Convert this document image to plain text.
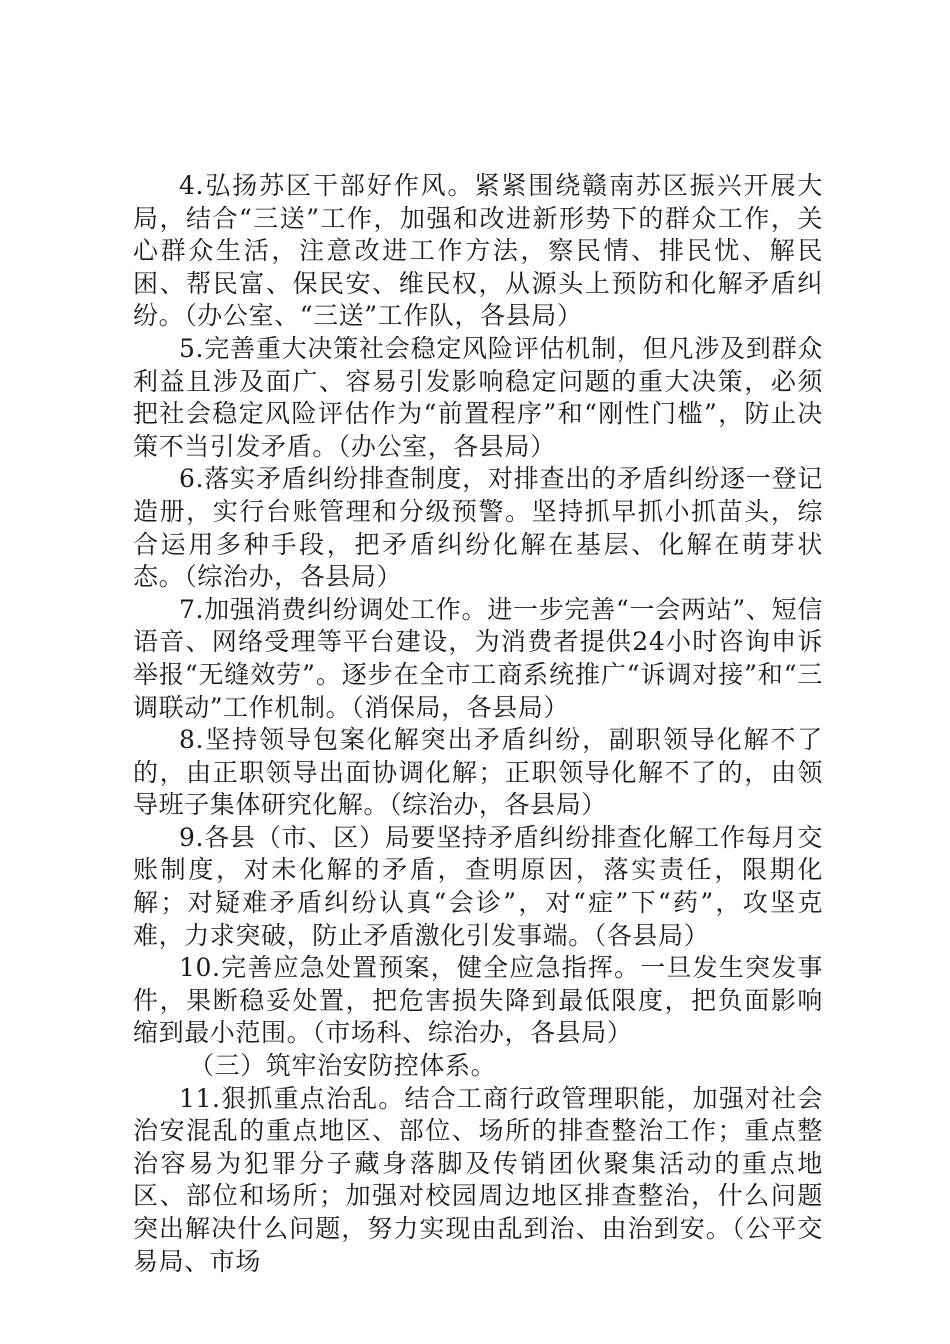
4.弘扬苏区干部好作风。紧紧围绕赣南苏区振兴开展大局，结合“三送”工作，加强和改进新形势下的群众工作，关心群众生活，注意改进工作方法，察民情、排民忧、解民困、帮民富、保民安、维民权，从源头上预防和化解矛盾纠纷。（办公室、“三送”工作队，各县局）

5.完善重大决策社会稳定风险评估机制，但凡涉及到群众利益且涉及面广、容易引发影响稳定问题的重大决策，必须把社会稳定风险评估作为“前置程序”和“刚性门槛”，防止决策不当引发矛盾。（办公室，各县局）

6.落实矛盾纠纷排查制度，对排查出的矛盾纠纷逐一登记造册，实行台账管理和分级预警。坚持抓早抓小抓苗头，综合运用多种手段，把矛盾纠纷化解在基层、化解在萌芽状态。（综治办，各县局）

7.加强消费纠纷调处工作。进一步完善“一会两站”、短信语音、网络受理等平台建设，为消费者提供24小时咨询申诉举报“无缝效劳”。逐步在全市工商系统推广“诉调对接”和“三调联动”工作机制。（消保局，各县局）

8.坚持领导包案化解突出矛盾纠纷，副职领导化解不了的，由正职领导出面协调化解；正职领导化解不了的，由领导班子集体研究化解。（综治办，各县局）

9.各县（市、区）局要坚持矛盾纠纷排查化解工作每月交账制度，对未化解的矛盾，查明原因，落实责任，限期化解；对疑难矛盾纠纷认真“会诊”，对“症”下“药”，攻坚克难，力求突破，防止矛盾激化引发事端。（各县局）

10.完善应急处置预案，健全应急指挥。一旦发生突发事件，果断稳妥处置，把危害损失降到最低限度，把负面影响缩到最小范围。（市场科、综治办，各县局）

（三）筑牢治安防控体系。

11.狠抓重点治乱。结合工商行政管理职能，加强对社会治安混乱的重点地区、部位、场所的排查整治工作；重点整治容易为犯罪分子藏身落脚及传销团伙聚集活动的重点地区、部位和场所；加强对校园周边地区排查整治，什么问题突出解决什么问题，努力实现由乱到治、由治到安。（公平交易局、市场
